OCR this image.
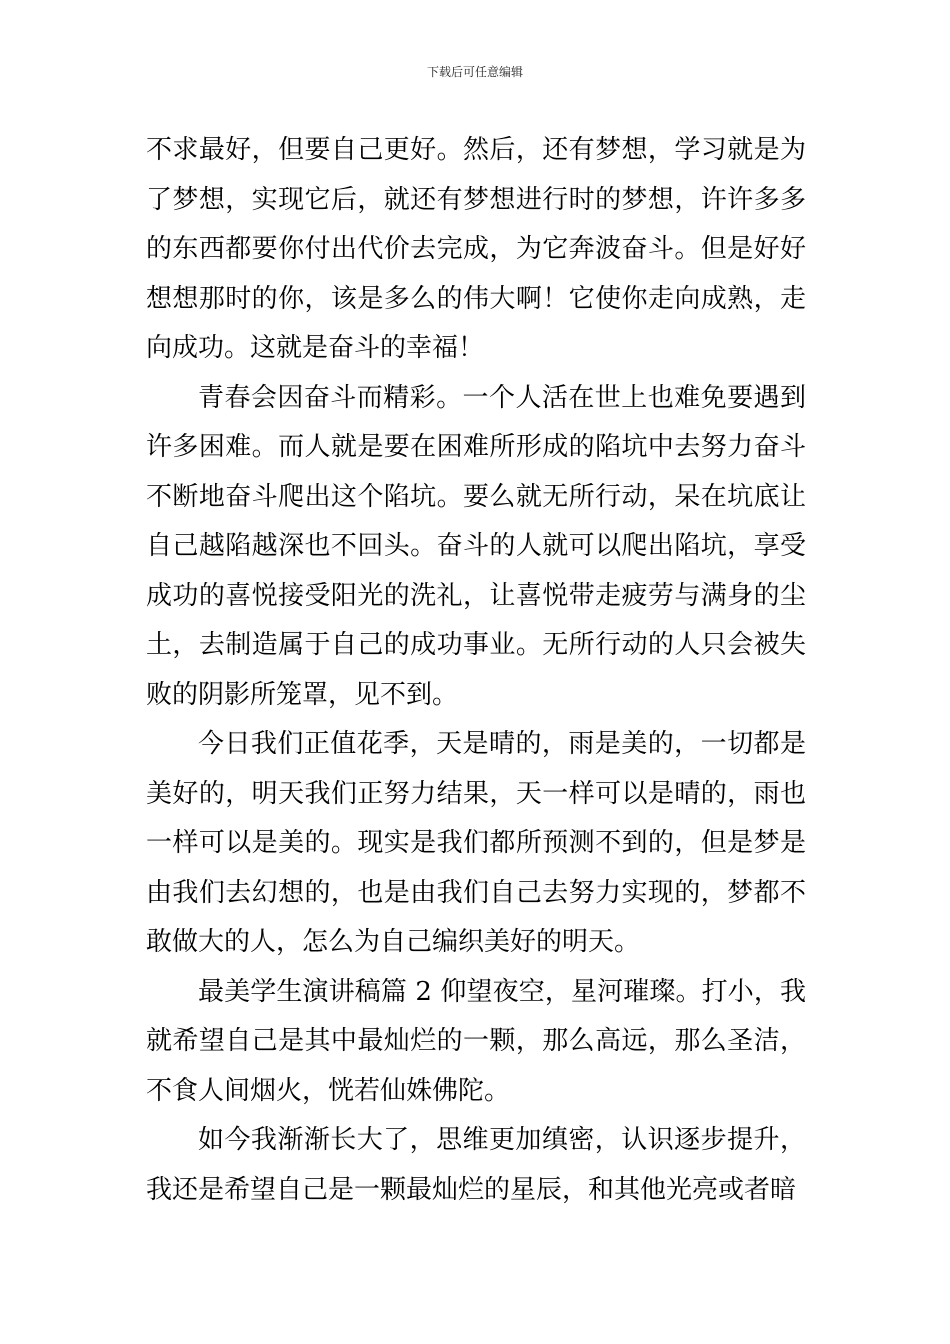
下载后可任意编辑

不求最好，但要自己更好。然后，还有梦想，学习就是为了梦想，实现它后，就还有梦想进行时的梦想，许许多多的东西都要你付出代价去完成，为它奔波奋斗。但是好好想想那时的你，该是多么的伟大啊！它使你走向成熟，走向成功。这就是奋斗的幸福！

青春会因奋斗而精彩。一个人活在世上也难免要遇到许多困难。而人就是要在困难所形成的陷坑中去努力奋斗不断地奋斗爬出这个陷坑。要么就无所行动，呆在坑底让自己越陷越深也不回头。奋斗的人就可以爬出陷坑，享受成功的喜悦接受阳光的洗礼，让喜悦带走疲劳与满身的尘土，去制造属于自己的成功事业。无所行动的人只会被失败的阴影所笼罩，见不到。

今日我们正值花季，天是晴的，雨是美的，一切都是美好的，明天我们正努力结果，天一样可以是晴的，雨也一样可以是美的。现实是我们都所预测不到的，但是梦是由我们去幻想的，也是由我们自己去努力实现的，梦都不敢做大的人，怎么为自己编织美好的明天。

最美学生演讲稿篇 2 仰望夜空，星河璀璨。打小，我就希望自己是其中最灿烂的一颗，那么高远，那么圣洁，不食人间烟火，恍若仙姝佛陀。

如今我渐渐长大了，思维更加缜密，认识逐步提升，我还是希望自己是一颗最灿烂的星辰，和其他光亮或者暗
